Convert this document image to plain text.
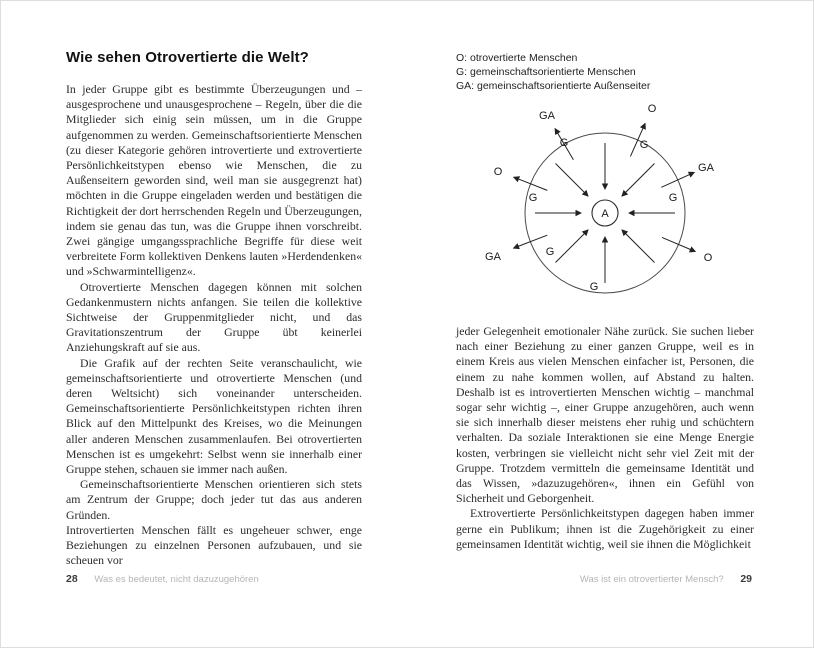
Wie sehen Otrovertierte die Welt?

In jeder Gruppe gibt es bestimmte Überzeugungen und – ausgesprochene und unausgesprochene – Regeln, über die die Mitglieder sich einig sein müssen, um in die Gruppe aufgenommen zu werden. Gemeinschaftsorientierte Menschen (zu dieser Kategorie gehören introvertierte und extrovertierte Persönlichkeitstypen ebenso wie Menschen, die zu Außenseitern geworden sind, weil man sie ausgegrenzt hat) möchten in die Gruppe eingeladen werden und bestätigen die Richtigkeit der dort herrschenden Regeln und Überzeugungen, indem sie genau das tun, was die Gruppe ihnen vorschreibt. Zwei gängige umgangssprachliche Begriffe für diese weit verbreitete Form kollektiven Denkens lauten »Herdendenken« und »Schwarmintelligenz«.

Otrovertierte Menschen dagegen können mit solchen Gedankenmustern nichts anfangen. Sie teilen die kollektive Sichtweise der Gruppenmitglieder nicht, und das Gravitationszentrum der Gruppe übt keinerlei Anziehungskraft auf sie aus.

Die Grafik auf der rechten Seite veranschaulicht, wie gemeinschaftsorientierte und otrovertierte Menschen (und deren Weltsicht) sich voneinander unterscheiden. Gemeinschaftsorientierte Persönlichkeitstypen richten ihren Blick auf den Mittelpunkt des Kreises, wo die Meinungen aller anderen Menschen zusammenlaufen. Bei otrovertierten Menschen ist es umgekehrt: Selbst wenn sie innerhalb einer Gruppe stehen, schauen sie immer nach außen.

Gemeinschaftsorientierte Menschen orientieren sich stets am Zentrum der Gruppe; doch jeder tut das aus anderen Gründen.

Introvertierten Menschen fällt es ungeheuer schwer, enge Beziehungen zu einzelnen Personen aufzubauen, und sie scheuen vor

O: otrovertierte Menschen
G: gemeinschaftsorientierte Menschen
GA: gemeinschaftsorientierte Außenseiter
A
G	G
G	G
G
G
GA
O
O	GA
GA	O

jeder Gelegenheit emotionaler Nähe zurück. Sie suchen lieber nach einer Beziehung zu einer ganzen Gruppe, weil es in einem Kreis aus vielen Menschen einfacher ist, Personen, die einem zu nahe kommen wollen, auf Abstand zu halten. Deshalb ist es introvertierten Menschen wichtig – manchmal sogar sehr wichtig –, einer Gruppe anzugehören, auch wenn sie sich innerhalb dieser meistens eher ruhig und schüchtern verhalten. Da soziale Interaktionen sie eine Menge Energie kosten, verbringen sie vielleicht nicht sehr viel Zeit mit der Gruppe. Trotzdem vermitteln die gemeinsame Identität und das Wissen, »dazuzugehören«, ihnen ein Gefühl von Sicherheit und Geborgenheit.

Extrovertierte Persönlichkeitstypen dagegen haben immer gerne ein Publikum; ihnen ist die Zugehörigkeit zu einer gemeinsamen Identität wichtig, weil sie ihnen die Möglichkeit

28 Was es bedeutet, nicht dazuzugehören	Was ist ein otrovertierter Mensch? 29
